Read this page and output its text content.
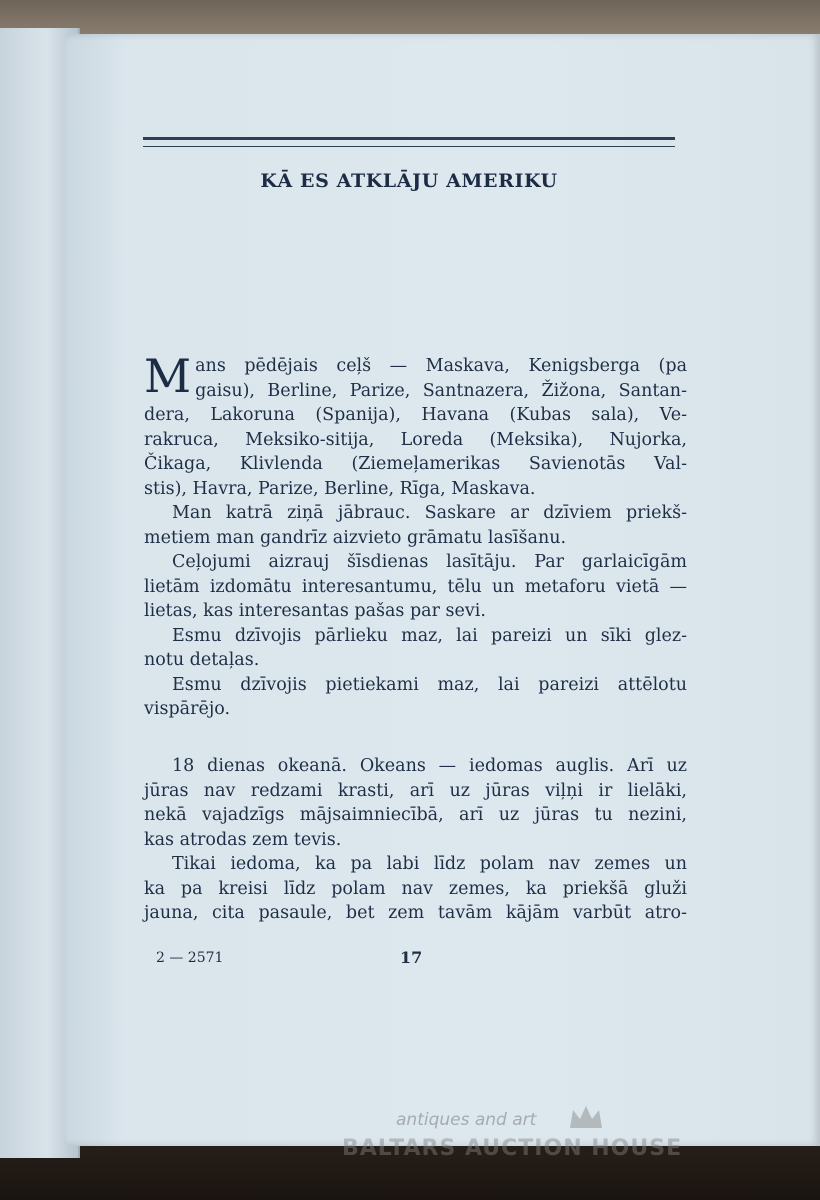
KĀ ES ATKLĀJU AMERIKU

Mans pēdējais ceļš — Maskava, Kenigsberga (pa

gaisu), Berline, Parize, Santnazera, Žižona, Santan-

dera, Lakoruna (Spanija), Havana (Kubas sala), Ve-

rakruca, Meksiko-sitija, Loreda (Meksika), Nujorka,

Čikaga, Klivlenda (Ziemeļamerikas Savienotās Val-

stis), Havra, Parize, Berline, Rīga, Maskava.

Man katrā ziņā jābrauc. Saskare ar dzīviem priekš-

metiem man gandrīz aizvieto grāmatu lasīšanu.

Ceļojumi aizrauj šīsdienas lasītāju. Par garlaicīgām

lietām izdomātu interesantumu, tēlu un metaforu vietā —

lietas, kas interesantas pašas par sevi.

Esmu dzīvojis pārlieku maz, lai pareizi un sīki glez-

notu detaļas.

Esmu dzīvojis pietiekami maz, lai pareizi attēlotu

vispārējo.

18 dienas okeanā. Okeans — iedomas auglis. Arī uz

jūras nav redzami krasti, arī uz jūras viļņi ir lielāki,

nekā vajadzīgs mājsaimniecībā, arī uz jūras tu nezini,

kas atrodas zem tevis.

Tikai iedoma, ka pa labi līdz polam nav zemes un

ka pa kreisi līdz polam nav zemes, ka priekšā gluži

jauna, cita pasaule, bet zem tavām kājām varbūt atro-

2 — 2571	17
antiques and art
BALTARS AUCTION HOUSE
